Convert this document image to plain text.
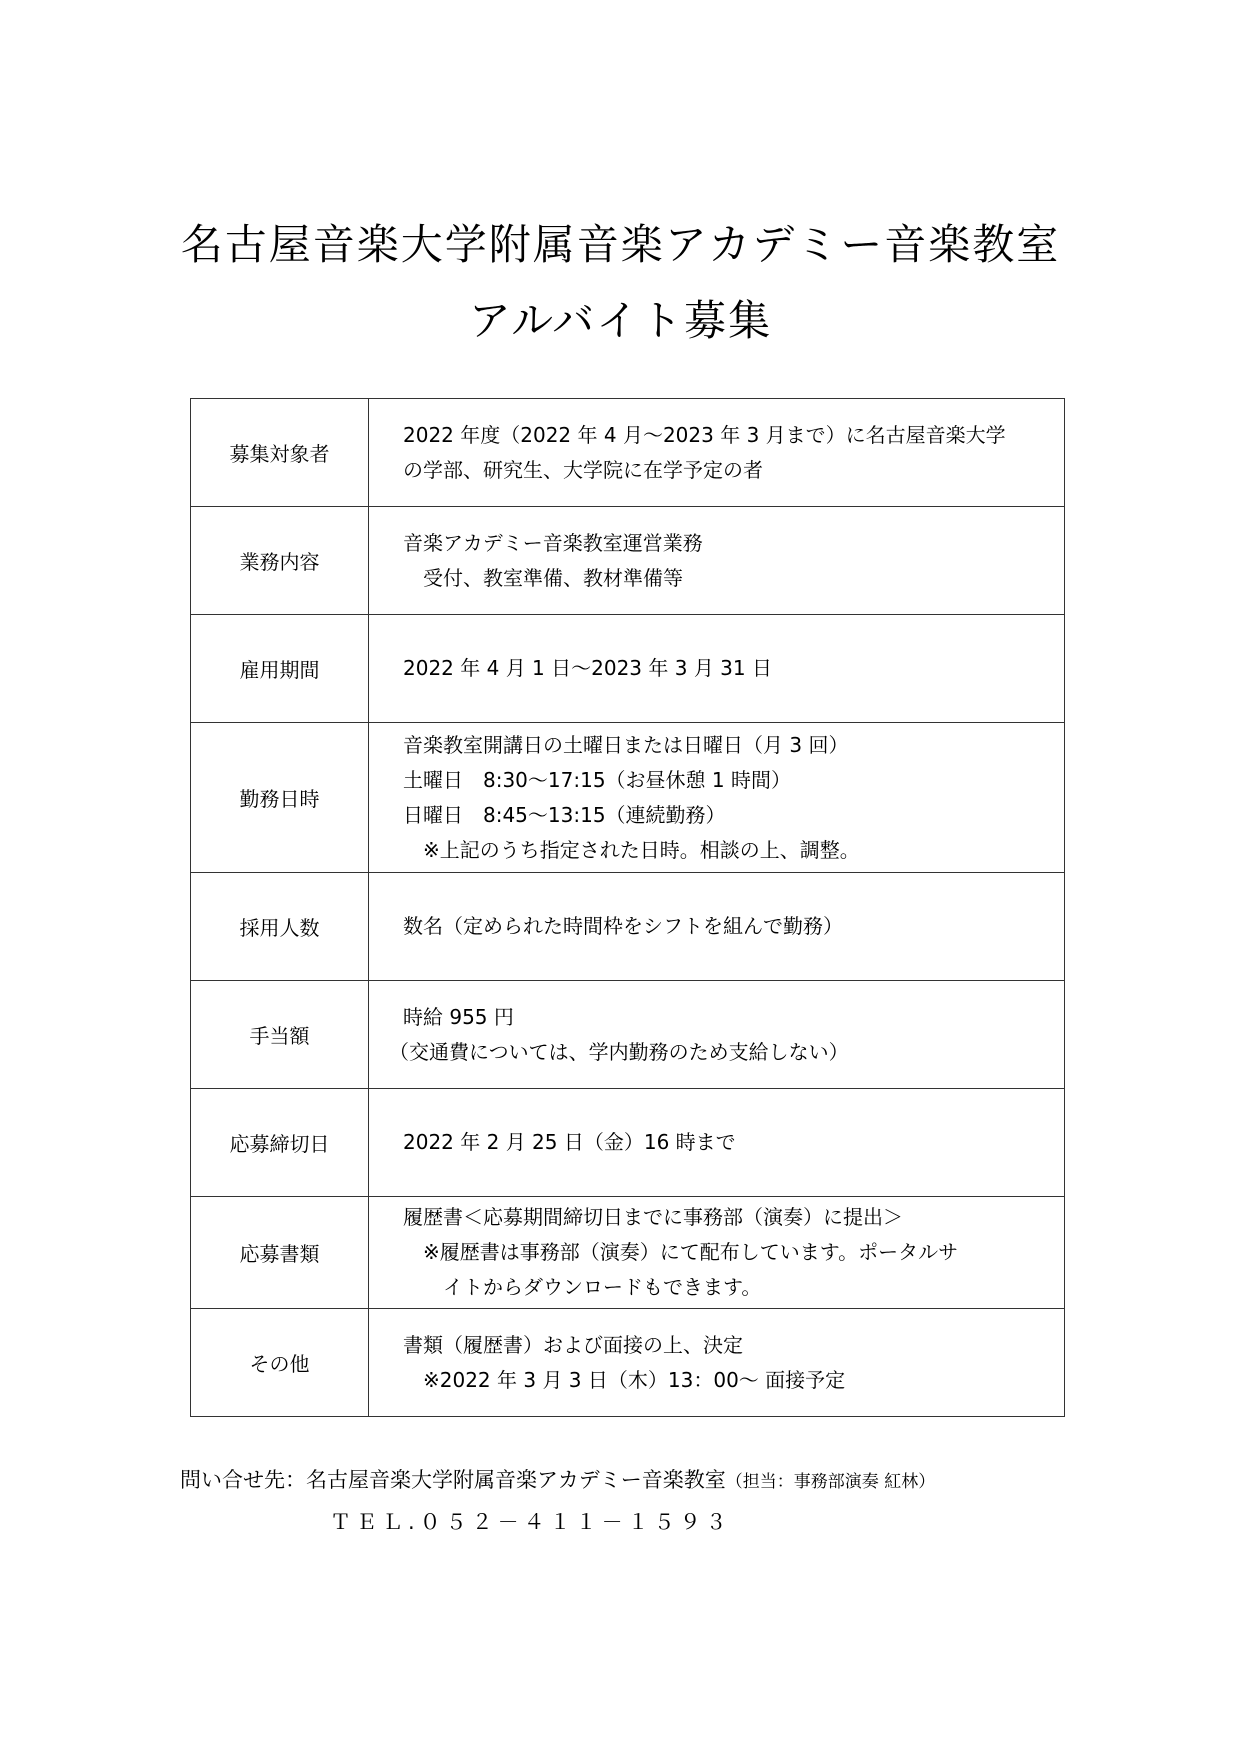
名古屋音楽大学附属音楽アカデミー音楽教室
アルバイト募集
募集対象者	2022 年度（2022 年 4 月～2023 年 3 月まで）に名古屋音楽大学
の学部、研究生、大学院に在学予定の者

業務内容	音楽アカデミー音楽教室運営業務
受付、教室準備、教材準備等

雇用期間	2022 年 4 月 1 日～2023 年 3 月 31 日

勤務日時	音楽教室開講日の土曜日または日曜日（月 3 回）
土曜日　8:30～17:15（お昼休憩 1 時間）
日曜日　8:45～13:15（連続勤務）
※上記のうち指定された日時。相談の上、調整。

採用人数	数名（定められた時間枠をシフトを組んで勤務）

手当額	時給 955 円
（交通費については、学内勤務のため支給しない）

応募締切日	2022 年 2 月 25 日（金）16 時まで

応募書類	履歴書＜応募期間締切日までに事務部（演奏）に提出＞
※履歴書は事務部（演奏）にて配布しています。ポータルサ
イトからダウンロードもできます。

その他	書類（履歴書）および面接の上、決定
※2022 年 3 月 3 日（木）13：00～ 面接予定
問い合せ先：名古屋音楽大学附属音楽アカデミー音楽教室（担当：事務部演奏 紅林）
ＴＥＬ.０５２－４１１－１５９３
